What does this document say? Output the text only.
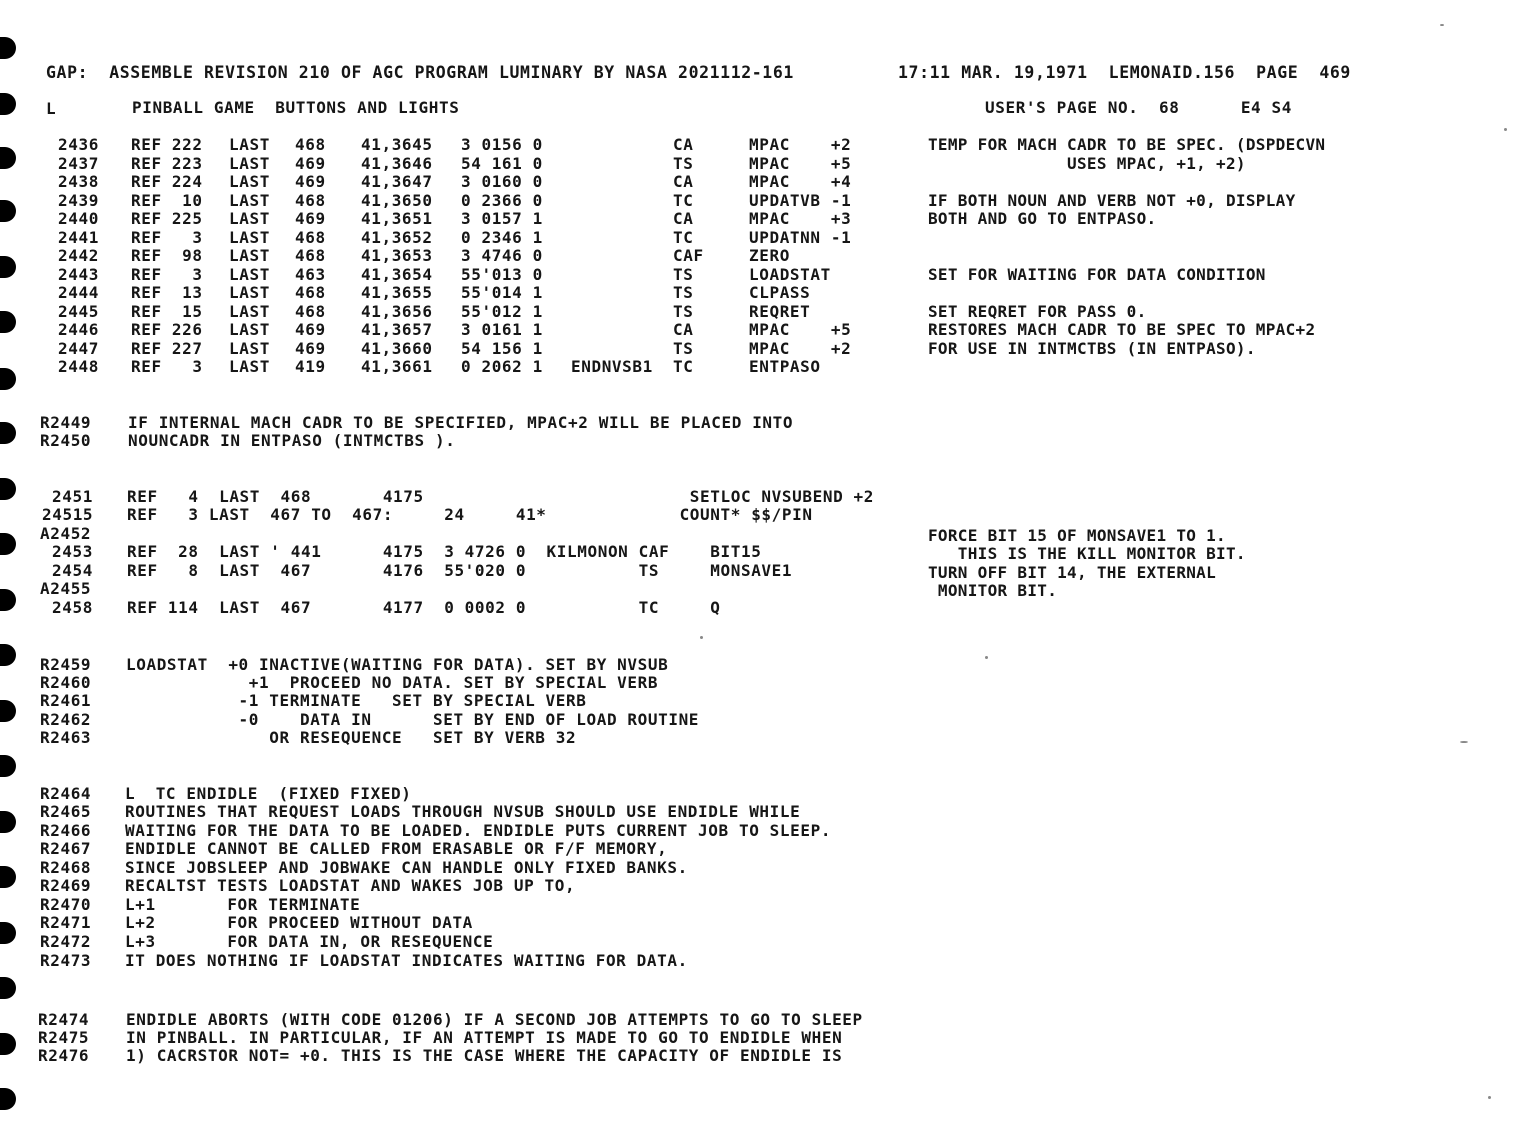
GAP:  ASSEMBLE REVISION 210 OF AGC PROGRAM LUMINARY BY NASA 2021112-161	17:11 MAR. 19,1971  LEMONAID.156  PAGE  469
L	PINBALL GAME  BUTTONS AND LIGHTS	USER'S PAGE NO.  68      E4 S4
2436 REF 222 LAST 468 41,3645 3 0156 0	CA	MPAC    +2	TEMP FOR MACH CADR TO BE SPEC. (DSPDECVN
2437 REF 223 LAST 469 41,3646 54 161 0	TS	MPAC    +5	USES MPAC, +1, +2)
2438 REF 224 LAST 469 41,3647 3 0160 0	CA	MPAC    +4
2439 REF  10 LAST 468 41,3650 0 2366 0	TC	UPDATVB -1	IF BOTH NOUN AND VERB NOT +0, DISPLAY
2440 REF 225 LAST 469 41,3651 3 0157 1	CA	MPAC    +3	BOTH AND GO TO ENTPASO.
2441 REF   3 LAST 468 41,3652 0 2346 1	TC	UPDATNN -1
2442 REF  98 LAST 468 41,3653 3 4746 0	CAF	ZERO
2443 REF   3 LAST 463 41,3654 55'013 0	TS	LOADSTAT	SET FOR WAITING FOR DATA CONDITION
2444 REF  13 LAST 468 41,3655 55'014 1	TS	CLPASS
2445 REF  15 LAST 468 41,3656 55'012 1	TS	REQRET	SET REQRET FOR PASS 0.
2446 REF 226 LAST 469 41,3657 3 0161 1	CA	MPAC    +5	RESTORES MACH CADR TO BE SPEC TO MPAC+2
2447 REF 227 LAST 469 41,3660 54 156 1	TS	MPAC    +2	FOR USE IN INTMCTBS (IN ENTPASO).
2448 REF   3 LAST 419 41,3661 0 2062 1 ENDNVSB1 TC	ENTPASO
R2449 IF INTERNAL MACH CADR TO BE SPECIFIED, MPAC+2 WILL BE PLACED INTO
R2450 NOUNCADR IN ENTPASO (INTMCTBS ).
2451 REF   4  LAST  468       4175                          SETLOC NVSUBEND +2
24515 REF   3 LAST  467 TO  467:     24     41*             COUNT* $$/PIN
A2452	FORCE BIT 15 OF MONSAVE1 TO 1.
2453 REF  28  LAST ' 441      4175  3 4726 0  KILMONON CAF    BIT15	THIS IS THE KILL MONITOR BIT.
2454 REF   8  LAST  467       4176  55'020 0           TS     MONSAVE1	TURN OFF BIT 14, THE EXTERNAL
A2455	MONITOR BIT.
2458 REF 114  LAST  467       4177  0 0002 0           TC     Q
R2459 LOADSTAT  +0 INACTIVE(WAITING FOR DATA). SET BY NVSUB
R2460 +1  PROCEED NO DATA. SET BY SPECIAL VERB
R2461 -1 TERMINATE   SET BY SPECIAL VERB
R2462 -0    DATA IN      SET BY END OF LOAD ROUTINE
R2463 OR RESEQUENCE   SET BY VERB 32
R2464 L  TC ENDIDLE  (FIXED FIXED)
R2465 ROUTINES THAT REQUEST LOADS THROUGH NVSUB SHOULD USE ENDIDLE WHILE
R2466 WAITING FOR THE DATA TO BE LOADED. ENDIDLE PUTS CURRENT JOB TO SLEEP.
R2467 ENDIDLE CANNOT BE CALLED FROM ERASABLE OR F/F MEMORY,
R2468 SINCE JOBSLEEP AND JOBWAKE CAN HANDLE ONLY FIXED BANKS.
R2469 RECALTST TESTS LOADSTAT AND WAKES JOB UP TO,
R2470 L+1       FOR TERMINATE
R2471 L+2       FOR PROCEED WITHOUT DATA
R2472 L+3       FOR DATA IN, OR RESEQUENCE
R2473 IT DOES NOTHING IF LOADSTAT INDICATES WAITING FOR DATA.
R2474 ENDIDLE ABORTS (WITH CODE 01206) IF A SECOND JOB ATTEMPTS TO GO TO SLEEP
R2475 IN PINBALL. IN PARTICULAR, IF AN ATTEMPT IS MADE TO GO TO ENDIDLE WHEN
R2476 1) CACRSTOR NOT= +0. THIS IS THE CASE WHERE THE CAPACITY OF ENDIDLE IS
